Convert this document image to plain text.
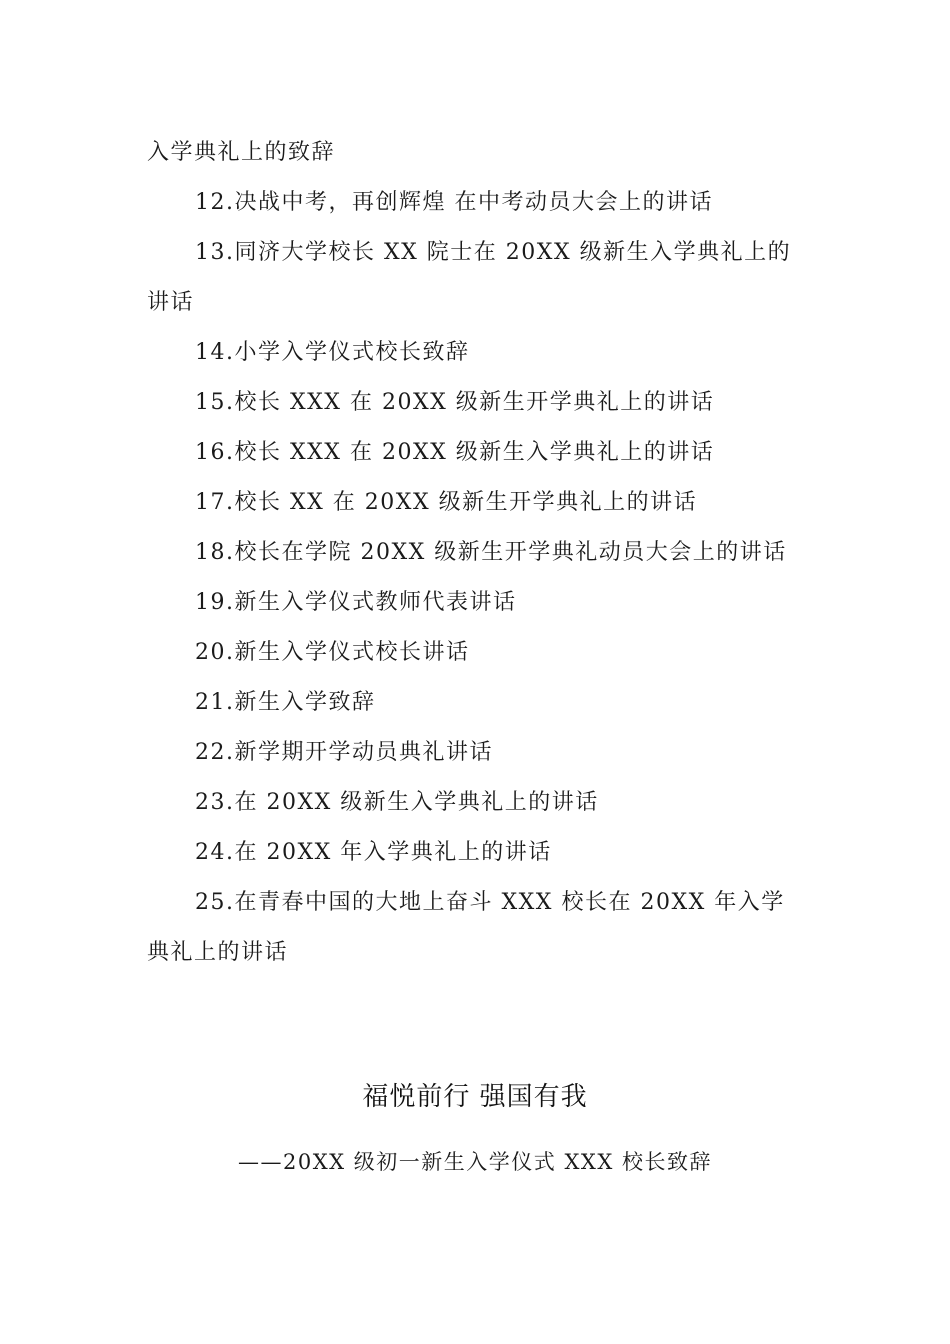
入学典礼上的致辞

12.决战中考，再创辉煌 在中考动员大会上的讲话

13.同济大学校长 XX 院士在 20XX 级新生入学典礼上的讲话

14.小学入学仪式校长致辞

15.校长 XXX 在 20XX 级新生开学典礼上的讲话

16.校长 XXX 在 20XX 级新生入学典礼上的讲话

17.校长 XX 在 20XX 级新生开学典礼上的讲话

18.校长在学院 20XX 级新生开学典礼动员大会上的讲话

19.新生入学仪式教师代表讲话

20.新生入学仪式校长讲话

21.新生入学致辞

22.新学期开学动员典礼讲话

23.在 20XX 级新生入学典礼上的讲话

24.在 20XX 年入学典礼上的讲话

25.在青春中国的大地上奋斗 XXX 校长在 20XX 年入学典礼上的讲话

福悦前行 强国有我
——20XX 级初一新生入学仪式 XXX 校长致辞
